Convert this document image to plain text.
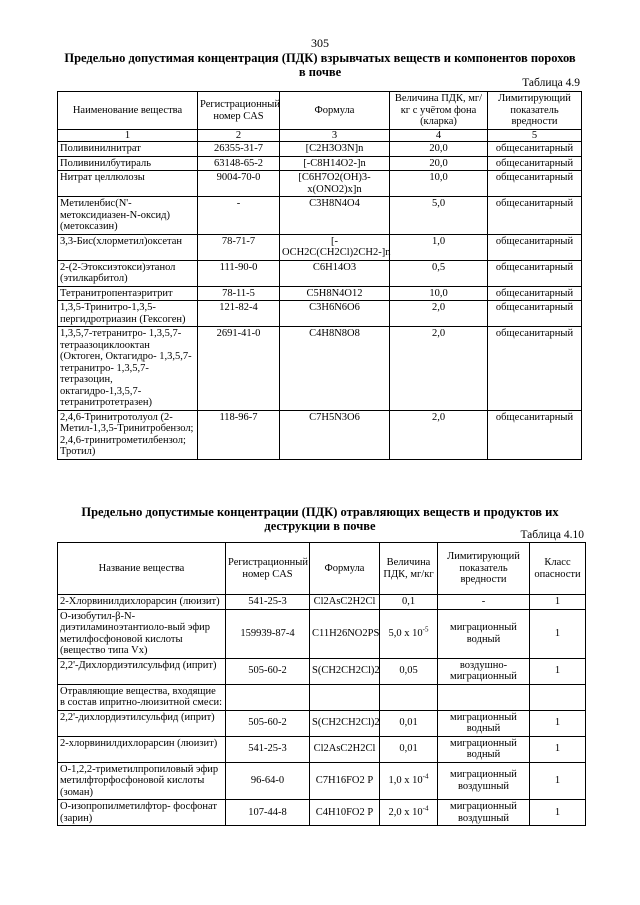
305
Предельно допустимая концентрация (ПДК) взрывчатых веществ и компонентов порохов в почве
Таблица 4.9
Наименование вещества	Регистрационный номер CAS	Формула	Величина ПДК, мг/кг с учётом фона (кларка)	Лимитирующий показатель вредности
1	2	3	4	5
Поливинилнитрат	26355-31-7	[C2H3O3N]n	20,0	общесанитарный
Поливинилбутираль	63148-65-2	[-C8H14O2-]n	20,0	общесанитарный
Нитрат целлюлозы	9004-70-0	[C6H7O2(OH)3-x(ONO2)x]n	10,0	общесанитарный
Метиленбис(N'-метоксидиазен-N-оксид) (метоксазин)	-	C3H8N4O4	5,0	общесанитарный
3,3-Бис(хлорметил)оксетан	78-71-7	[-OCH2C(CH2Cl)2CH2-]n	1,0	общесанитарный
2-(2-Этоксиэтокси)этанол (этилкарбитол)	111-90-0	C6H14O3	0,5	общесанитарный
Тетранитропентаэритрит	78-11-5	C5H8N4O12	10,0	общесанитарный
1,3,5-Тринитро-1,3,5-пергидротриазин (Гексоген)	121-82-4	C3H6N6O6	2,0	общесанитарный
1,3,5,7-тетранитро- 1,3,5,7-тетраазоциклооктан (Октоген, Октагидро- 1,3,5,7-тетранитро- 1,3,5,7-тетразоцин, октагидро-1,3,5,7-тетранитротетразен)	2691-41-0	C4H8N8O8	2,0	общесанитарный
2,4,6-Тринитротолуол (2-Метил-1,3,5-Тринитробензол; 2,4,6-тринитрометилбензол; Тротил)	118-96-7	C7H5N3O6	2,0	общесанитарный
Предельно допустимые концентрации (ПДК) отравляющих веществ и продуктов их деструкции в почве
Таблица 4.10
Название вещества	Регистрационный номер CAS	Формула	Величина ПДК, мг/кг	Лимитирующий показатель вредности	Класс опасности
2-Хлорвинилдихлорарсин (люизит)	541-25-3	Cl2AsC2H2Cl	0,1	-	1
О-изобутил-β-N-диэтиламиноэтантиоло-вый эфир метилфосфоновой кислоты (вещество типа Vx)	159939-87-4	C11H26NO2PS	5,0 x $10^{-5}$	миграционный водный	1
2,2'-Дихлордиэтилсульфид (иприт)	505-60-2	S(CH2CH2Cl)2	0,05	воздушно-миграционный	1
Отравляющие вещества, входящие в состав ипритно-люизитной смеси:					
2,2'-дихлордиэтилсульфид (иприт)	505-60-2	S(CH2CH2Cl)2	0,01	миграционный водный	1
2-хлорвинилдихлорарсин (люизит)	541-25-3	Cl2AsC2H2Cl	0,01	миграционный водный	1
О-1,2,2-триметилпропиловый эфир метилфторфосфоновой кислоты (зоман)	96-64-0	C7H16FO2 P	1,0 x $10^{-4}$	миграционный воздушный	1
О-изопропилметилфтор- фосфонат (зарин)	107-44-8	C4H10FO2 P	2,0 x $10^{-4}$	миграционный воздушный	1
